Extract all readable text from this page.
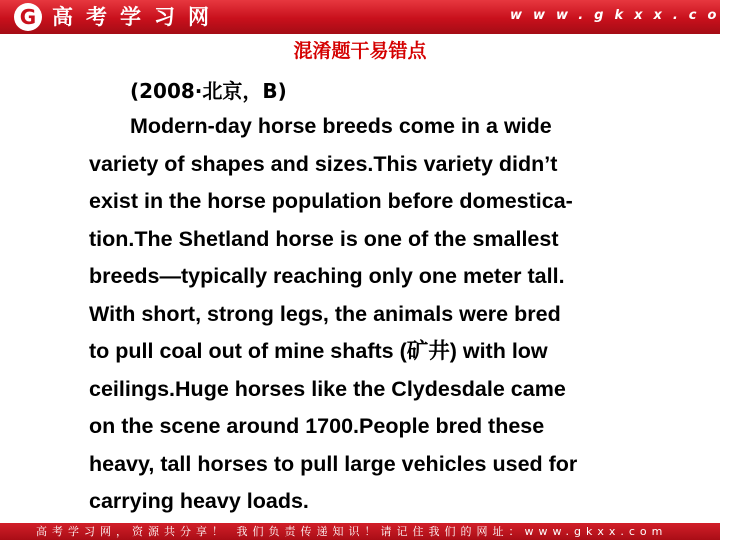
G 高考学习网	www.gkxx.com
混淆题干易错点
(2008·北京，B)

Modern-day horse breeds come in a wide
variety of shapes and sizes.This variety didn’t
exist in the horse population before domestica-
tion.The Shetland horse is one of the smallest
breeds—typically reaching only one meter tall.
With short, strong legs, the animals were bred
to pull coal out of mine shafts (矿井) with low
ceilings.Huge horses like the Clydesdale came
on the scene around 1700.People bred these
heavy, tall horses to pull large vehicles used for
carrying heavy loads.

高考学习网，资源共分享！ 我们负责传递知识！请记住我们的网址：www.gkxx.com
